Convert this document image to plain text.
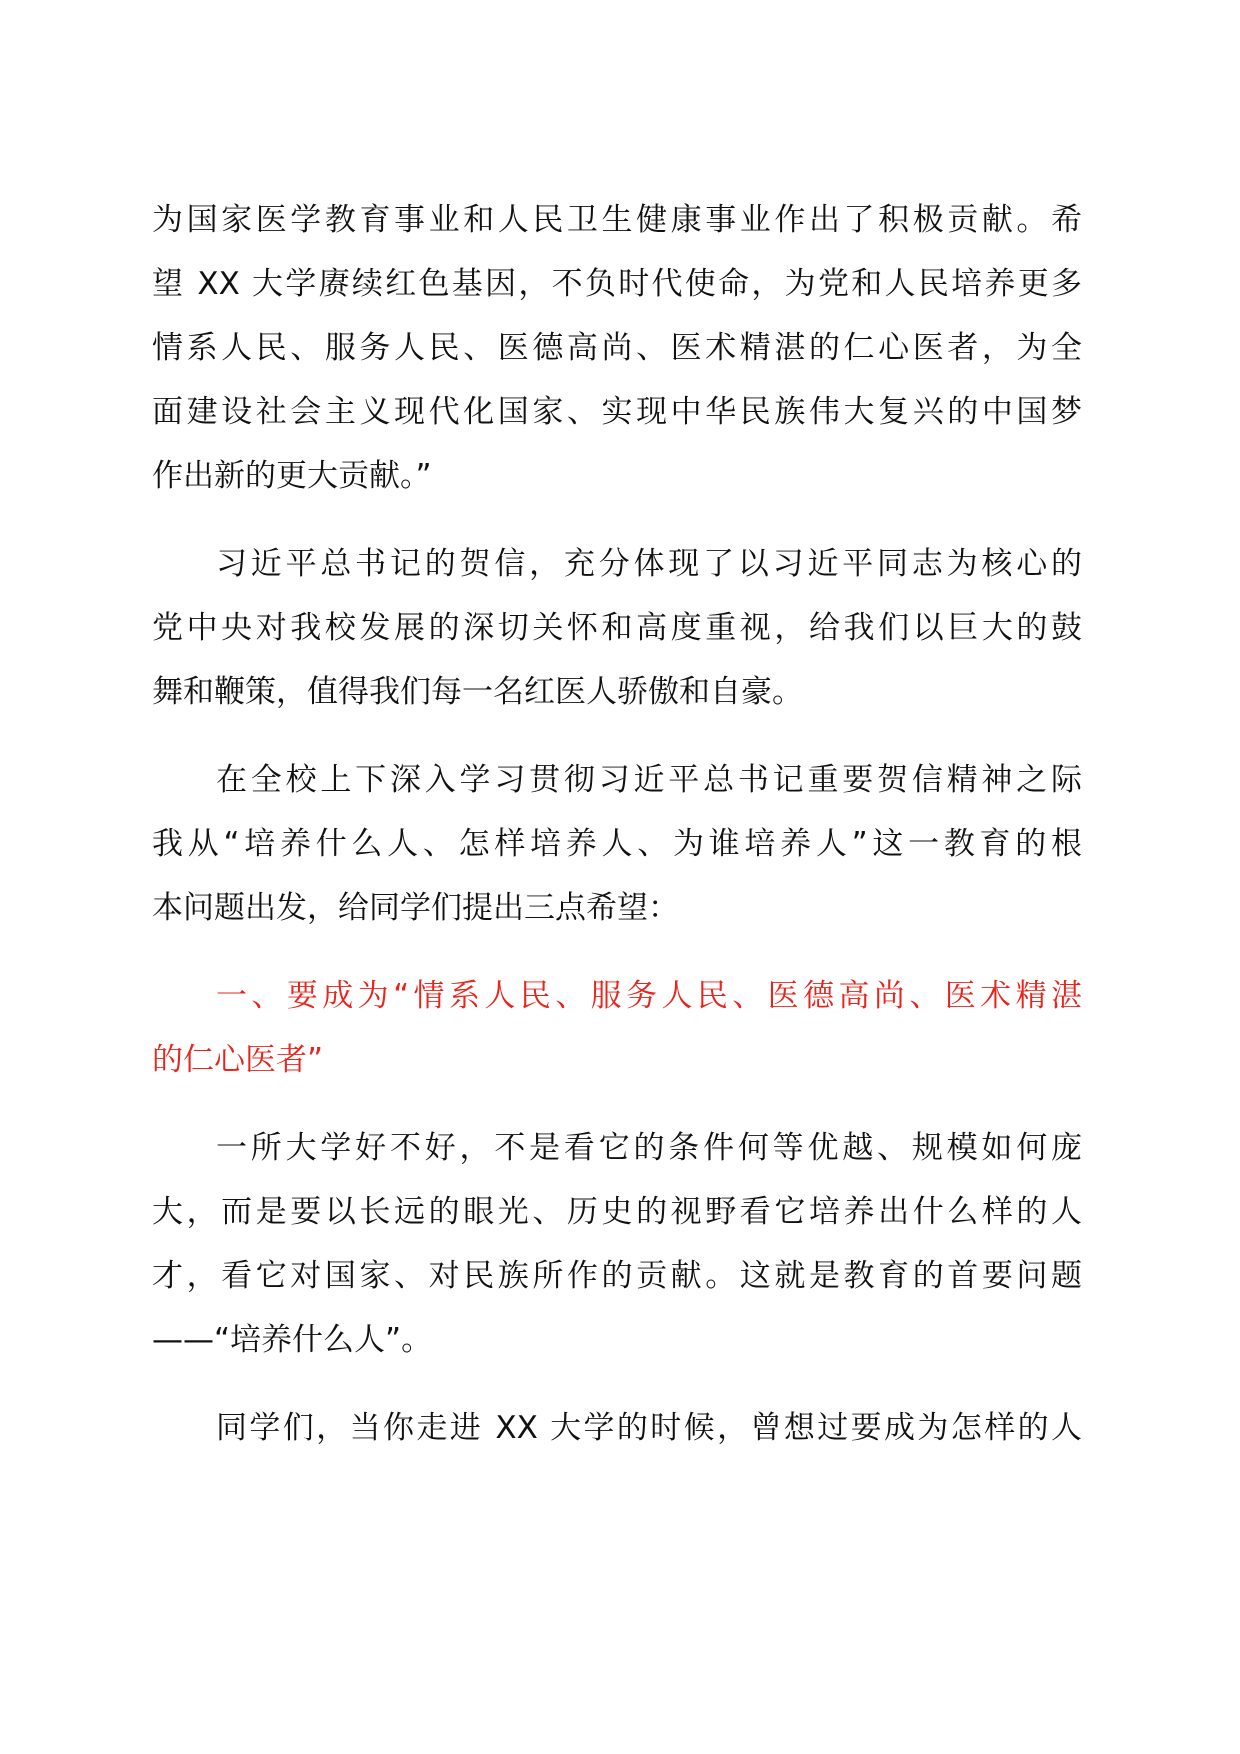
为国家医学教育事业和人民卫生健康事业作出了积极贡献。希
望 XX 大学赓续红色基因，不负时代使命，为党和人民培养更多
情系人民、服务人民、医德高尚、医术精湛的仁心医者，为全
面建设社会主义现代化国家、实现中华民族伟大复兴的中国梦
作出新的更大贡献。”
习近平总书记的贺信，充分体现了以习近平同志为核心的
党中央对我校发展的深切关怀和高度重视，给我们以巨大的鼓
舞和鞭策，值得我们每一名红医人骄傲和自豪。
在全校上下深入学习贯彻习近平总书记重要贺信精神之际
我从“培养什么人、怎样培养人、为谁培养人”这一教育的根
本问题出发，给同学们提出三点希望：
一、要成为“情系人民、服务人民、医德高尚、医术精湛
的仁心医者”
一所大学好不好，不是看它的条件何等优越、规模如何庞
大，而是要以长远的眼光、历史的视野看它培养出什么样的人
才，看它对国家、对民族所作的贡献。这就是教育的首要问题
——“培养什么人”。
同学们，当你走进 XX 大学的时候，曾想过要成为怎样的人
